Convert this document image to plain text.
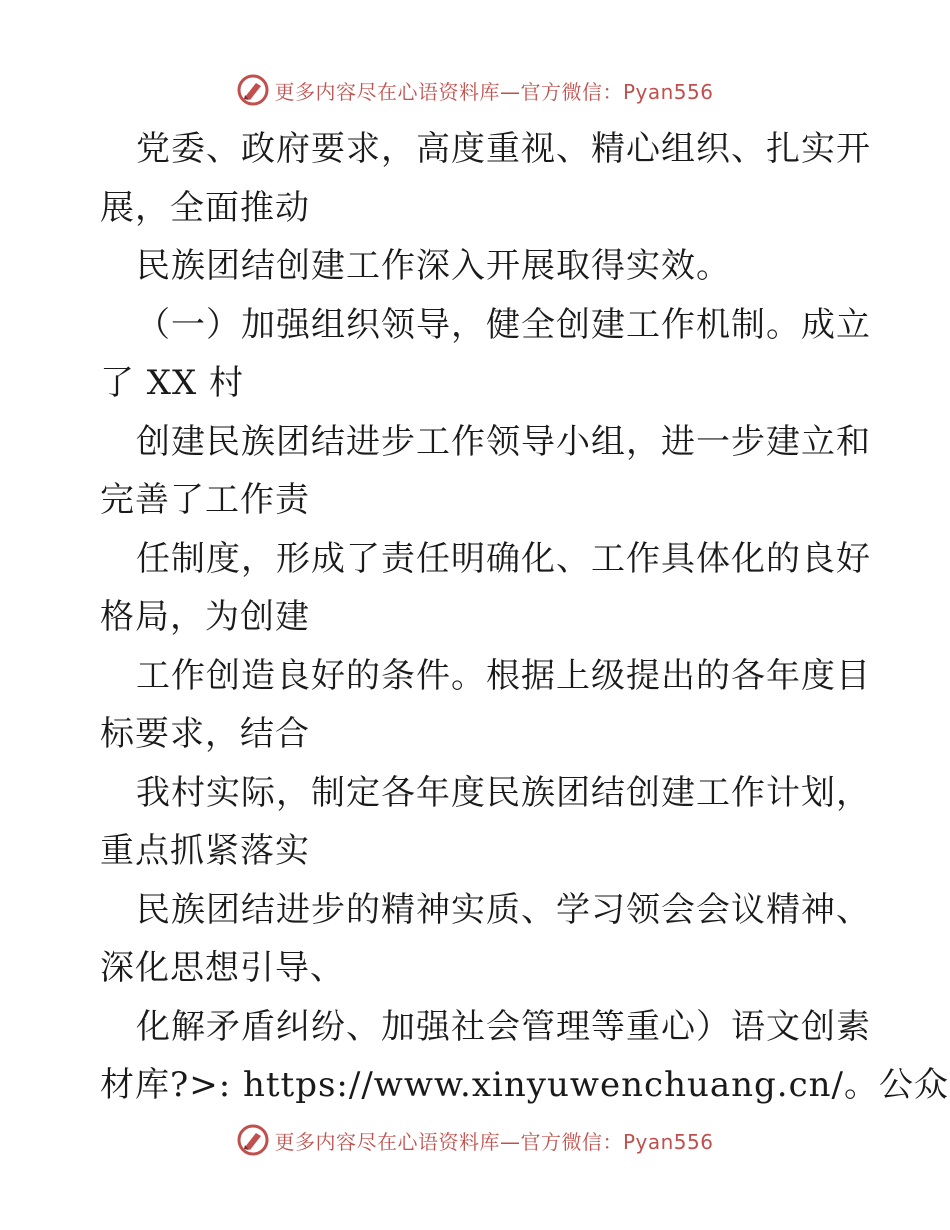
更多内容尽在心语资料库—官方微信：Pyan556
党委、政府要求，高度重视、精心组织、扎实开
展，全面推动
民族团结创建工作深入开展取得实效。
（一）加强组织领导，健全创建工作机制。成立
了 XX 村
创建民族团结进步工作领导小组，进一步建立和
完善了工作责
任制度，形成了责任明确化、工作具体化的良好
格局，为创建
工作创造良好的条件。根据上级提出的各年度目
标要求，结合
我村实际，制定各年度民族团结创建工作计划，
重点抓紧落实
民族团结进步的精神实质、学习领会会议精神、
深化思想引导、
化解矛盾纠纷、加强社会管理等重心）语文创素
材库?>: https://www.xinyuwenchuang.cn/。公众
更多内容尽在心语资料库—官方微信：Pyan556
